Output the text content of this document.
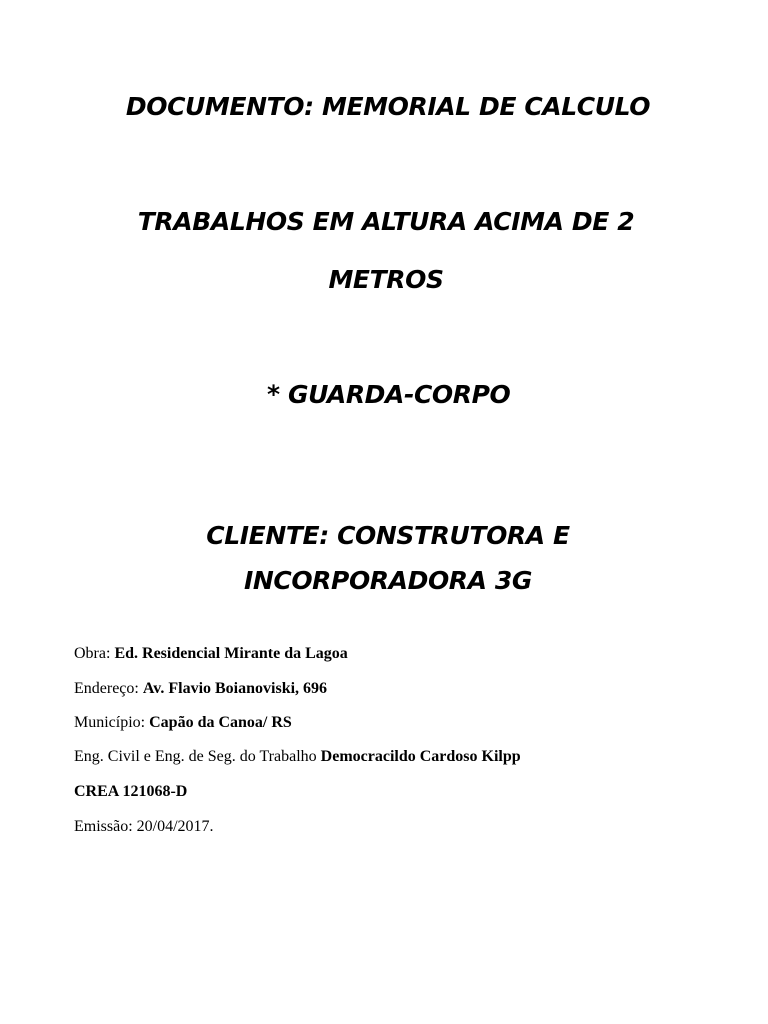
DOCUMENTO: MEMORIAL DE CALCULO
TRABALHOS EM ALTURA ACIMA DE 2
METROS
* GUARDA-CORPO
CLIENTE: CONSTRUTORA E
INCORPORADORA 3G

Obra: Ed. Residencial Mirante da Lagoa

Endereço: Av. Flavio Boianoviski, 696

Município: Capão da Canoa/ RS

Eng. Civil e Eng. de Seg. do Trabalho Democracildo Cardoso Kilpp

CREA 121068-D

Emissão: 20/04/2017.
